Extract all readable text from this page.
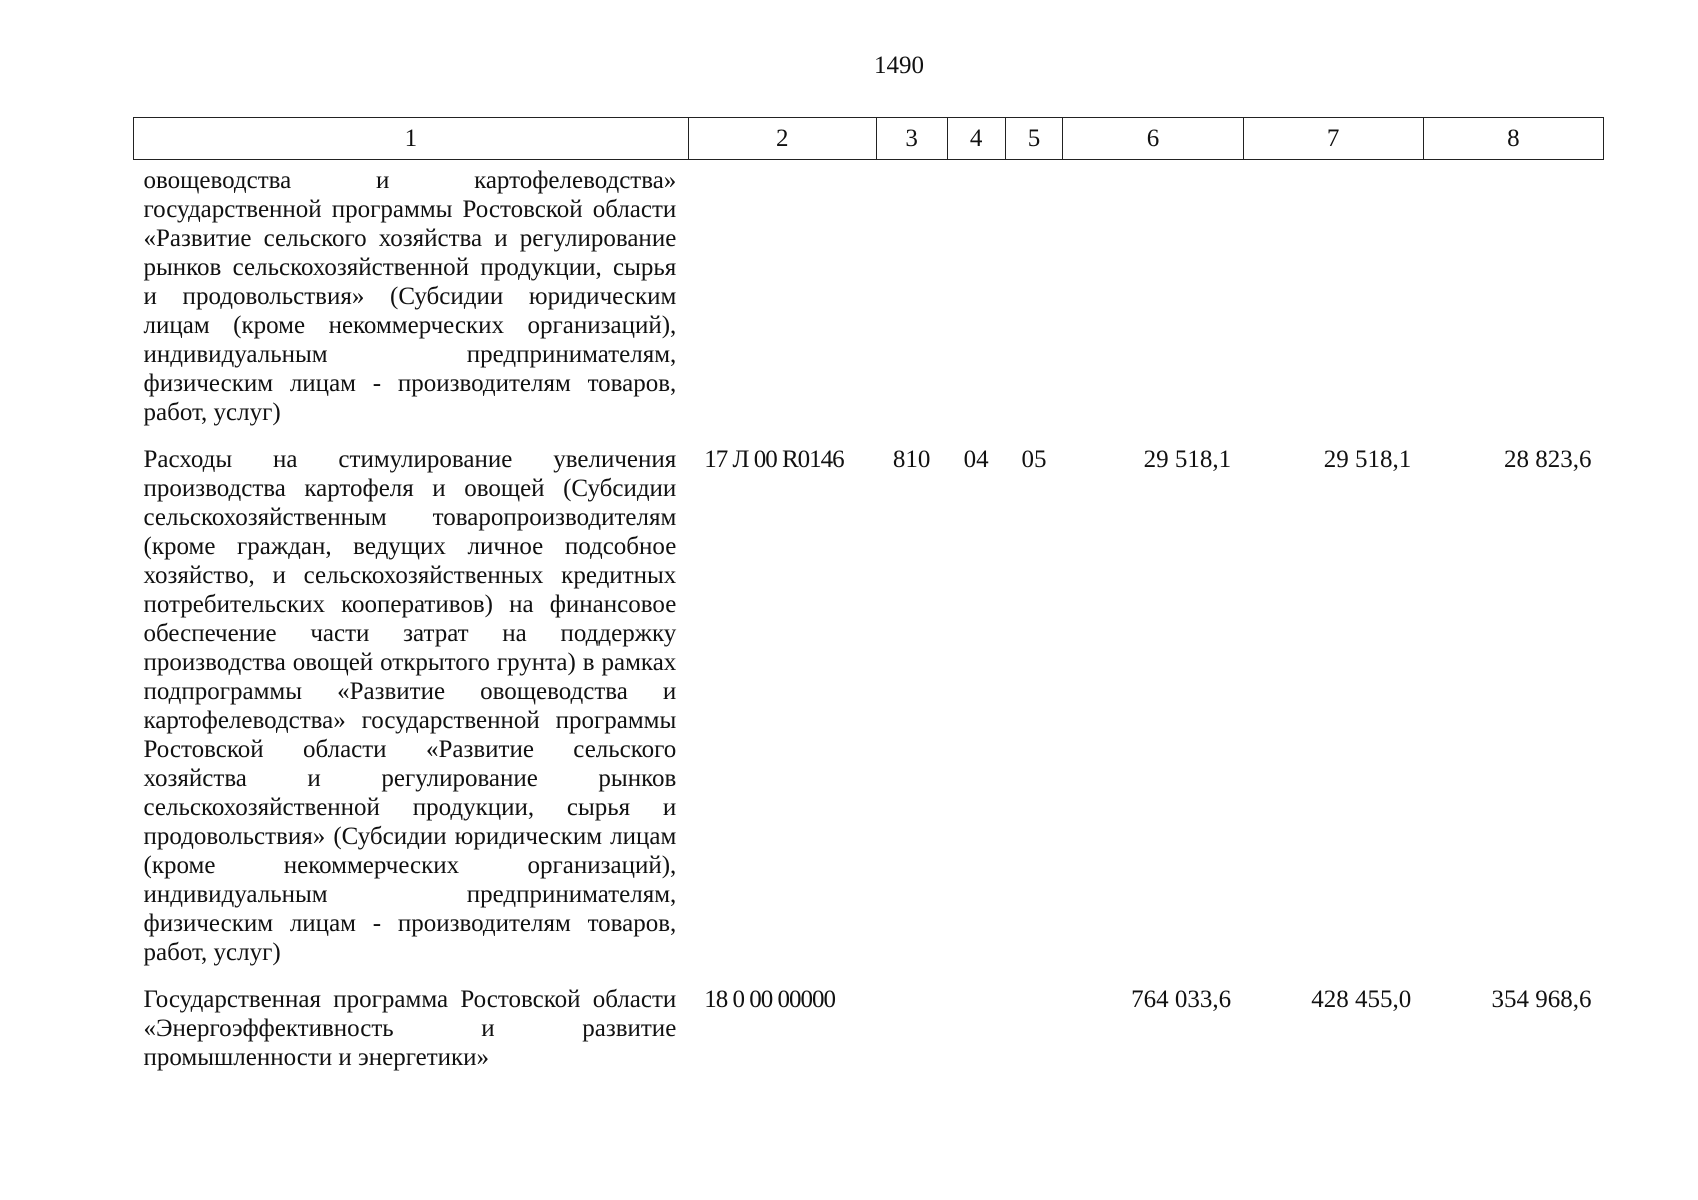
1490
1	2	3	4	5	6	7	8
овощеводства и картофелеводства» государственной программы Ростовской области «Развитие сельского хозяйства и регулирование рынков сельскохозяйственной продукции, сырья и продовольствия» (Субсидии юридическим лицам (кроме некоммерческих организаций), индивидуальным предпринимателям, физическим лицам - производителям товаров, работ, услуг)							
Расходы на стимулирование увеличения производства картофеля и овощей (Субсидии сельскохозяйственным товаропроизводителям (кроме граждан, ведущих личное подсобное хозяйство, и сельскохозяйственных кредитных потребительских кооперативов) на финансовое обеспечение части затрат на поддержку производства овощей открытого грунта) в рамках подпрограммы «Развитие овощеводства и картофелеводства» государственной программы Ростовской области «Развитие сельского хозяйства и регулирование рынков сельскохозяйственной продукции, сырья и продовольствия» (Субсидии юридическим лицам (кроме некоммерческих организаций), индивидуальным предпринимателям, физическим лицам - производителям товаров, работ, услуг)	17 Л 00 R0146	810	04	05	29 518,1	29 518,1	28 823,6
Государственная программа Ростовской области «Энергоэффективность и развитие промышленности и энергетики»	18 0 00 00000				764 033,6	428 455,0	354 968,6
